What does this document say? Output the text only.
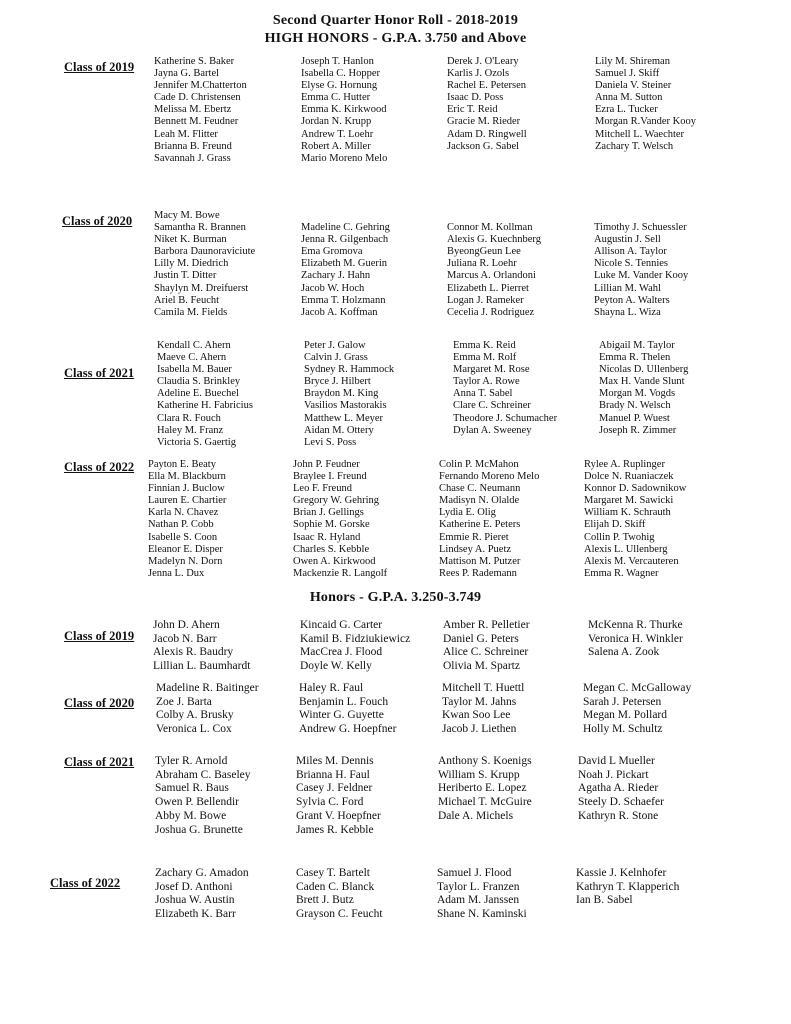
Second Quarter Honor Roll - 2018-2019
HIGH HONORS - G.P.A. 3.750 and Above
Class of 2019 Katherine S. Baker
Jayna G. Bartel
Jennifer M.Chatterton
Cade D. Christensen
Melissa M. Ebertz
Bennett M. Feudner
Leah M. Flitter
Brianna B. Freund
Savannah J. Grass
Joseph T. Hanlon
Isabella C. Hopper
Elyse G. Hornung
Emma C. Hutter
Emma K. Kirkwood
Jordan N. Krupp
Andrew T. Loehr
Robert A. Miller
Mario Moreno Melo
Derek J. O'Leary
Karlis J. Ozols
Rachel E. Petersen
Isaac D. Poss
Eric T. Reid
Gracie M. Rieder
Adam D. Ringwell
Jackson G. Sabel
Lily M. Shireman
Samuel J. Skiff
Daniela V. Steiner
Anna M. Sutton
Ezra L. Tucker
Morgan R.Vander Kooy
Mitchell L. Waechter
Zachary T. Welsch
Class of 2020 Macy M. Bowe
Samantha R. Brannen
Niket K. Burman
Barbora Daunoraviciute
Lilly M. Diedrich
Justin T. Ditter
Shaylyn M. Dreifuerst
Ariel B. Feucht
Camila M. Fields

Madeline C. Gehring
Jenna R. Gilgenbach
Ema Gromova
Elizabeth M. Guerin
Zachary J. Hahn
Jacob W. Hoch
Emma T. Holzmann
Jacob A. Koffman

Connor M. Kollman
Alexis G. Kuechnberg
ByeongGeun Lee
Juliana R. Loehr
Marcus A. Orlandoni
Elizabeth L. Pierret
Logan J. Rameker
Cecelia J. Rodriguez

Timothy J. Schuessler
Augustin J. Sell
Allison A. Taylor
Nicole S. Tennies
Luke M. Vander Kooy
Lillian M. Wahl
Peyton A. Walters
Shayna L. Wiza
Class of 2021
Kendall C. Ahern
Maeve C. Ahern
Isabella M. Bauer
Claudia S. Brinkley
Adeline E. Buechel
Katherine H. Fabricius
Clara R. Fouch
Haley M. Franz
Victoria S. Gaertig
Peter J. Galow
Calvin J. Grass
Sydney R. Hammock
Bryce J. Hilbert
Braydon M. King
Vasilios Mastorakis
Matthew L. Meyer
Aidan M. Ottery
Levi S. Poss
Emma K. Reid
Emma M. Rolf
Margaret M. Rose
Taylor A. Rowe
Anna T. Sabel
Clare C. Schreiner
Theodore J. Schumacher
Dylan A. Sweeney
Abigail M. Taylor
Emma R. Thelen
Nicolas D. Ullenberg
Max H. Vande Slunt
Morgan M. Vogds
Brady N. Welsch
Manuel P. Wuest
Joseph R. Zimmer
Class of 2022 Payton E. Beaty
Ella M. Blackburn
Finnian J. Buclow
Lauren E. Chartier
Karla N. Chavez
Nathan P. Cobb
Isabelle S. Coon
Eleanor E. Disper
Madelyn N. Dorn
Jenna L. Dux
John P. Feudner
Braylee I. Freund
Leo F. Freund
Gregory W. Gehring
Brian J. Gellings
Sophie M. Gorske
Isaac R. Hyland
Charles S. Kebble
Owen A. Kirkwood
Mackenzie R. Langolf
Colin P. McMahon
Fernando Moreno Melo
Chase C. Neumann
Madisyn N. Olalde
Lydia E. Olig
Katherine E. Peters
Emmie R. Pieret
Lindsey A. Puetz
Mattison M. Putzer
Rees P. Rademann
Rylee A. Ruplinger
Dolce N. Ruaniaczek
Konnor D. Sadownikow
Margaret M. Sawicki
William K. Schrauth
Elijah D. Skiff
Collin P. Twohig
Alexis L. Ullenberg
Alexis M. Vercauteren
Emma R. Wagner
Honors - G.P.A. 3.250-3.749
Class of 2019
John D. Ahern
Jacob N. Barr
Alexis R. Baudry
Lillian L. Baumhardt
Kincaid G. Carter
Kamil B. Fidziukiewicz
MacCrea J. Flood
Doyle W. Kelly
Amber R. Pelletier
Daniel G. Peters
Alice C. Schreiner
Olivia M. Spartz
McKenna R. Thurke
Veronica H. Winkler
Salena A. Zook
Class of 2020
Madeline R. Baitinger
Zoe J. Barta
Colby A. Brusky
Veronica L. Cox
Haley R. Faul
Benjamin L. Fouch
Winter G. Guyette
Andrew G. Hoepfner
Mitchell T. Huettl
Taylor M. Jahns
Kwan Soo Lee
Jacob J. Liethen
Megan C. McGalloway
Sarah J. Petersen
Megan M. Pollard
Holly M. Schultz
Class of 2021 Tyler R. Arnold
Abraham C. Baseley
Samuel R. Baus
Owen P. Bellendir
Abby M. Bowe
Joshua G. Brunette
Miles M. Dennis
Brianna H. Faul
Casey J. Feldner
Sylvia C. Ford
Grant V. Hoepfner
James R. Kebble
Anthony S. Koenigs
William S. Krupp
Heriberto E. Lopez
Michael T. McGuire
Dale A. Michels
David L Mueller
Noah J. Pickart
Agatha A. Rieder
Steely D. Schaefer
Kathryn R. Stone
Class of 2022
Zachary G. Amadon
Josef D. Anthoni
Joshua W. Austin
Elizabeth K. Barr
Casey T. Bartelt
Caden C. Blanck
Brett J. Butz
Grayson C. Feucht
Samuel J. Flood
Taylor L. Franzen
Adam M. Janssen
Shane N. Kaminski
Kassie J. Kelnhofer
Kathryn T. Klapperich
Ian B. Sabel
